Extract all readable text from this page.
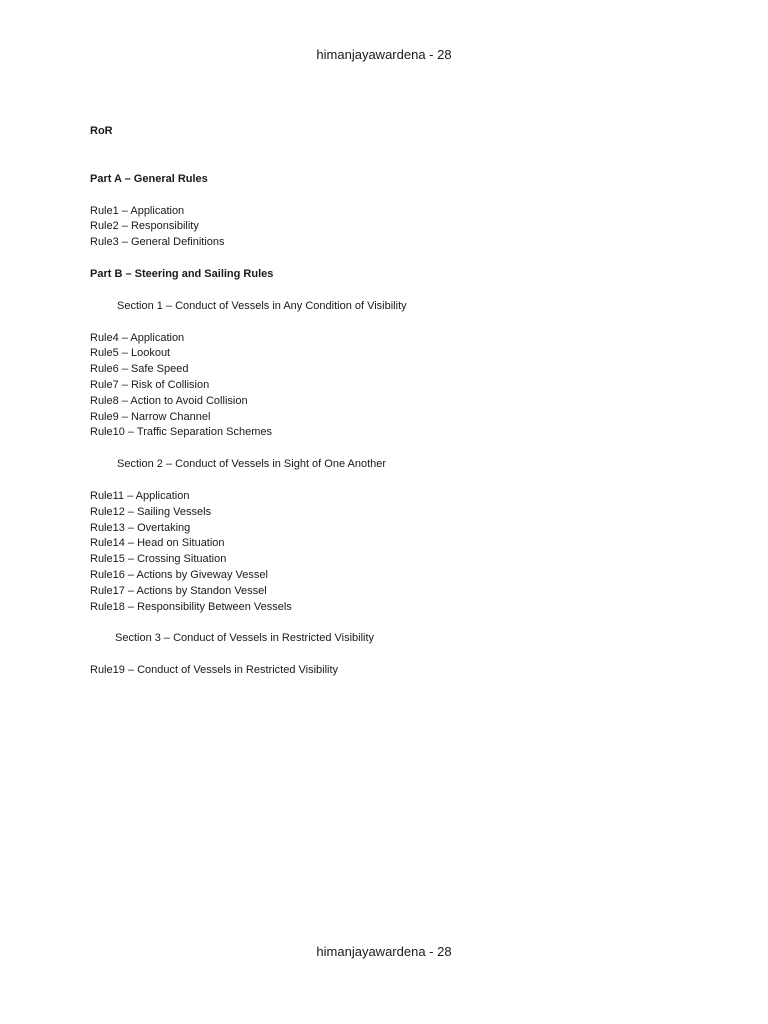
himanjayawardena - 28

RoR

Part A – General Rules

Rule1 – Application

Rule2 – Responsibility

Rule3 – General Definitions

Part B – Steering and Sailing Rules

Section 1 – Conduct of Vessels in Any Condition of Visibility

Rule4 – Application

Rule5 – Lookout

Rule6 – Safe Speed

Rule7 – Risk of Collision

Rule8 – Action to Avoid Collision

Rule9 – Narrow Channel

Rule10 – Traffic Separation Schemes

Section 2 – Conduct of Vessels in Sight of One Another

Rule11 – Application

Rule12 – Sailing Vessels

Rule13 – Overtaking

Rule14 – Head on Situation

Rule15 – Crossing Situation

Rule16 – Actions by Giveway Vessel

Rule17 – Actions by Standon Vessel

Rule18 – Responsibility Between Vessels

Section 3 – Conduct of Vessels in Restricted Visibility

Rule19 – Conduct of Vessels in Restricted Visibility

himanjayawardena - 28
